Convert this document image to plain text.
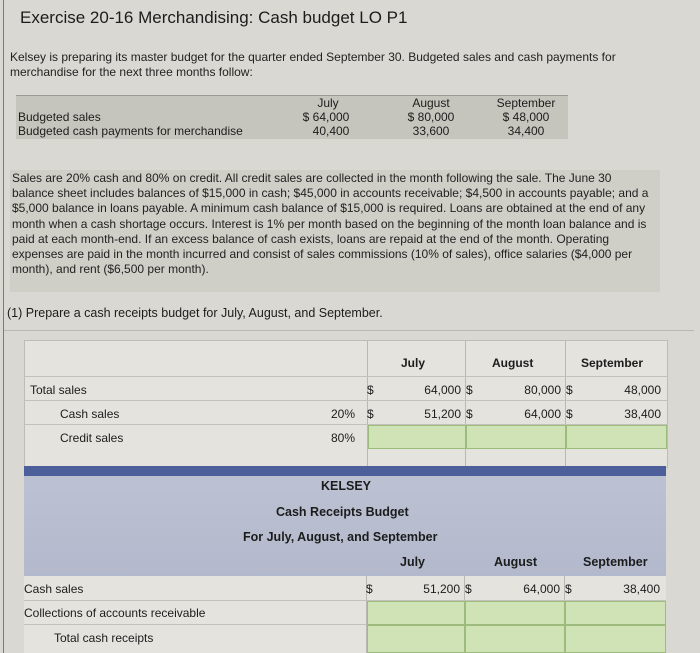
Exercise 20-16 Merchandising: Cash budget LO P1
Kelsey is preparing its master budget for the quarter ended September 30. Budgeted sales and cash payments for merchandise for the next three months follow:
July	August	September
Budgeted sales	$ 64,000	$ 80,000	$ 48,000
Budgeted cash payments for merchandise	40,400	33,600	34,400
Sales are 20% cash and 80% on credit. All credit sales are collected in the month following the sale. The June 30 balance sheet includes balances of $15,000 in cash; $45,000 in accounts receivable; $4,500 in accounts payable; and a $5,000 balance in loans payable. A minimum cash balance of $15,000 is required. Loans are obtained at the end of any month when a cash shortage occurs. Interest is 1% per month based on the beginning of the month loan balance and is paid at each month-end. If an excess balance of cash exists, loans are repaid at the end of the month. Operating expenses are paid in the month incurred and consist of sales commissions (10% of sales), office salaries ($4,000 per month), and rent ($6,500 per month).
(1) Prepare a cash receipts budget for July, August, and September.
July	August	September
Total sales	$	64,000 $	80,000 $	48,000
Cash sales	20% $	51,200 $	64,000 $	38,400
Credit sales	80%
KELSEY
Cash Receipts Budget
For July, August, and September
July	August	September
Cash sales	$	51,200 $	64,000 $	38,400
Collections of accounts receivable
Total cash receipts
